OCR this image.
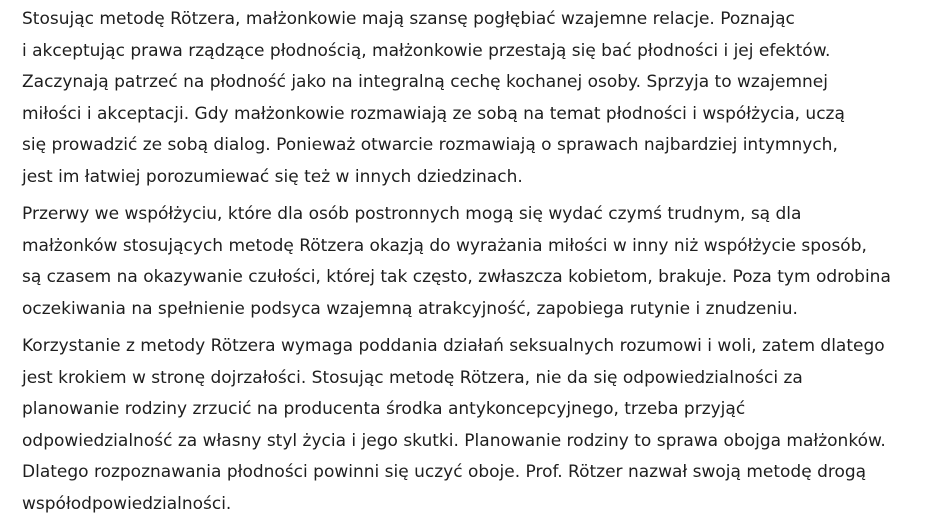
Stosując metodę Rötzera, małżonkowie mają szansę pogłębiać wzajemne relacje. Poznając
i akceptując prawa rządzące płodnością, małżonkowie przestają się bać płodności i jej efektów.
Zaczynają patrzeć na płodność jako na integralną cechę kochanej osoby. Sprzyja to wzajemnej
miłości i akceptacji. Gdy małżonkowie rozmawiają ze sobą na temat płodności i współżycia, uczą
się prowadzić ze sobą dialog. Ponieważ otwarcie rozmawiają o sprawach najbardziej intymnych,
jest im łatwiej porozumiewać się też w innych dziedzinach.

Przerwy we współżyciu, które dla osób postronnych mogą się wydać czymś trudnym, są dla
małżonków stosujących metodę Rötzera okazją do wyrażania miłości w inny niż współżycie sposób,
są czasem na okazywanie czułości, której tak często, zwłaszcza kobietom, brakuje. Poza tym odrobina
oczekiwania na spełnienie podsyca wzajemną atrakcyjność, zapobiega rutynie i znudzeniu.

Korzystanie z metody Rötzera wymaga poddania działań seksualnych rozumowi i woli, zatem dlatego
jest krokiem w stronę dojrzałości. Stosując metodę Rötzera, nie da się odpowiedzialności za
planowanie rodziny zrzucić na producenta środka antykoncepcyjnego, trzeba przyjąć
odpowiedzialność za własny styl życia i jego skutki. Planowanie rodziny to sprawa obojga małżonków.
Dlatego rozpoznawania płodności powinni się uczyć oboje. Prof. Rötzer nazwał swoją metodę drogą
współodpowiedzialności.
